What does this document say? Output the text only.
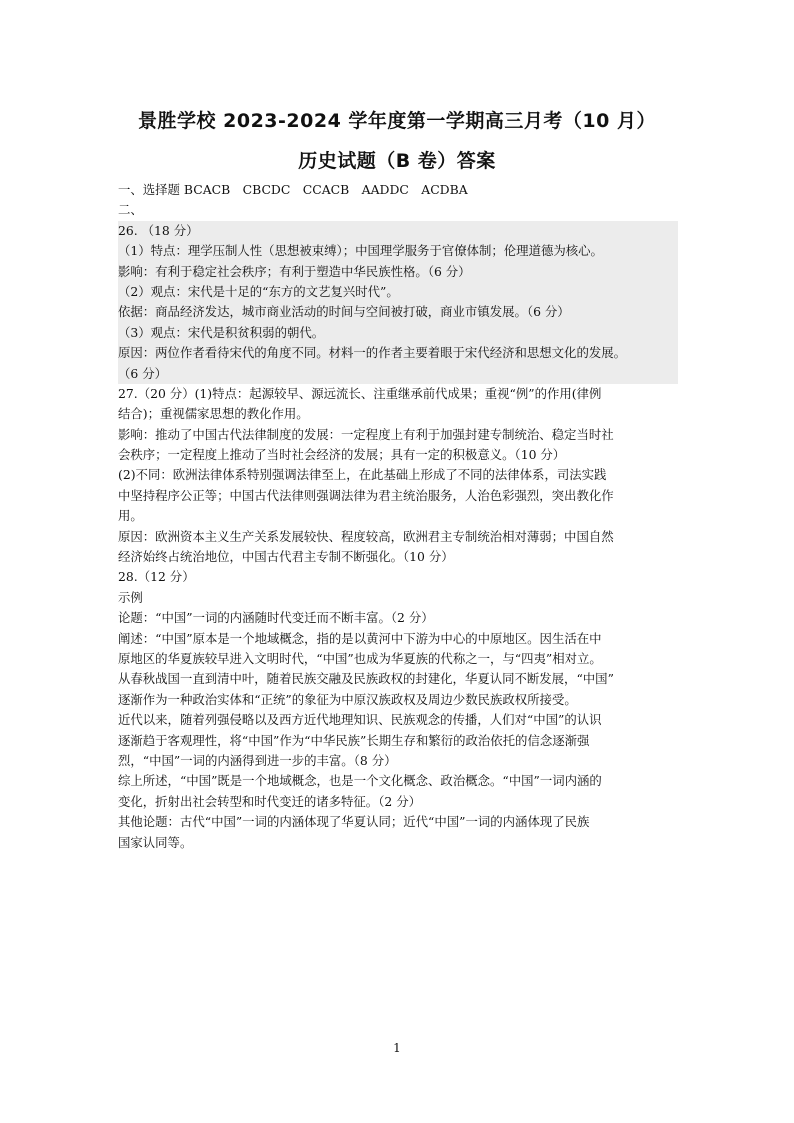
景胜学校 2023-2024 学年度第一学期高三月考（10 月）
历史试题（B 卷）答案
一、选择题 BCACB　CBCDC　CCACB　AADDC　ACDBA
二、
26. （18 分）
（1）特点：理学压制人性（思想被束缚）；中国理学服务于官僚体制；伦理道德为核心。
影响：有利于稳定社会秩序；有利于塑造中华民族性格。（6 分）
（2）观点：宋代是十足的“东方的文艺复兴时代”。
依据：商品经济发达，城市商业活动的时间与空间被打破，商业市镇发展。（6 分）
（3）观点：宋代是积贫积弱的朝代。
原因：两位作者看待宋代的角度不同。材料一的作者主要着眼于宋代经济和思想文化的发展。
（6 分）
27.（20 分）(1)特点：起源较早、源远流长、注重继承前代成果；重视“例”的作用(律例
结合)；重视儒家思想的教化作用。
影响：推动了中国古代法律制度的发展：一定程度上有利于加强封建专制统治、稳定当时社
会秩序；一定程度上推动了当时社会经济的发展；具有一定的积极意义。（10 分）
(2)不同：欧洲法律体系特别强调法律至上，在此基础上形成了不同的法律体系，司法实践
中坚持程序公正等；中国古代法律则强调法律为君主统治服务，人治色彩强烈，突出教化作
用。
原因：欧洲资本主义生产关系发展较快、程度较高，欧洲君主专制统治相对薄弱；中国自然
经济始终占统治地位，中国古代君主专制不断强化。（10 分）
28.（12 分）
示例
论题：“中国”一词的内涵随时代变迁而不断丰富。（2 分）
阐述：“中国”原本是一个地域概念，指的是以黄河中下游为中心的中原地区。因生活在中
原地区的华夏族较早进入文明时代，“中国”也成为华夏族的代称之一，与“四夷”相对立。
从春秋战国一直到清中叶，随着民族交融及民族政权的封建化，华夏认同不断发展，“中国”
逐渐作为一种政治实体和“正统”的象征为中原汉族政权及周边少数民族政权所接受。
近代以来，随着列强侵略以及西方近代地理知识、民族观念的传播，人们对“中国”的认识
逐渐趋于客观理性，将“中国”作为“中华民族”长期生存和繁衍的政治依托的信念逐渐强
烈，“中国”一词的内涵得到进一步的丰富。（8 分）
综上所述，“中国”既是一个地域概念，也是一个文化概念、政治概念。“中国”一词内涵的
变化，折射出社会转型和时代变迁的诸多特征。（2 分）
其他论题：古代“中国”一词的内涵体现了华夏认同；近代“中国”一词的内涵体现了民族
国家认同等。
1
